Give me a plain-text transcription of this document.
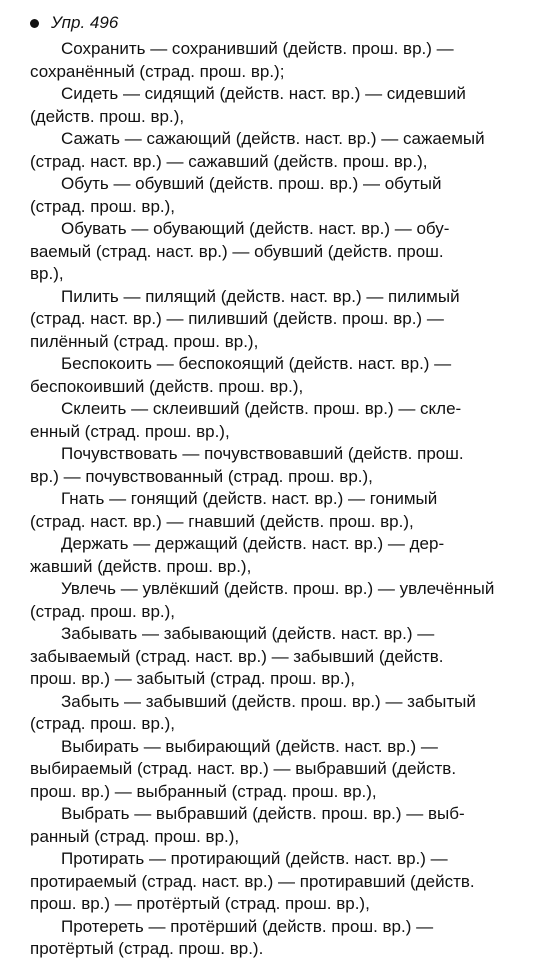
Упр. 496

Сохранить — сохранивший (действ. прош. вр.) —
сохранённый (страд. прош. вр.);

Сидеть — сидящий (действ. наст. вр.) — сидевший
(действ. прош. вр.),

Сажать — сажающий (действ. наст. вр.) — сажаемый
(страд. наст. вр.) — сажавший (действ. прош. вр.),

Обуть — обувший (действ. прош. вр.) — обутый
(страд. прош. вр.),

Обувать — обувающий (действ. наст. вр.) — обу-
ваемый (страд. наст. вр.) — обувший (действ. прош.
вр.),

Пилить — пилящий (действ. наст. вр.) — пилимый
(страд. наст. вр.) — пиливший (действ. прош. вр.) —
пилённый (страд. прош. вр.),

Беспокоить — беспокоящий (действ. наст. вр.) —
беспокоивший (действ. прош. вр.),

Склеить — склеивший (действ. прош. вр.) — скле-
енный (страд. прош. вр.),

Почувствовать — почувствовавший (действ. прош.
вр.) — почувствованный (страд. прош. вр.),

Гнать — гонящий (действ. наст. вр.) — гонимый
(страд. наст. вр.) — гнавший (действ. прош. вр.),

Держать — держащий (действ. наст. вр.) — дер-
жавший (действ. прош. вр.),

Увлечь — увлёкший (действ. прош. вр.) — увлечённый
(страд. прош. вр.),

Забывать — забывающий (действ. наст. вр.) —
забываемый (страд. наст. вр.) — забывший (действ.
прош. вр.) — забытый (страд. прош. вр.),

Забыть — забывший (действ. прош. вр.) — забытый
(страд. прош. вр.),

Выбирать — выбирающий (действ. наст. вр.) —
выбираемый (страд. наст. вр.) — выбравший (действ.
прош. вр.) — выбранный (страд. прош. вр.),

Выбрать — выбравший (действ. прош. вр.) — выб-
ранный (страд. прош. вр.),

Протирать — протирающий (действ. наст. вр.) —
протираемый (страд. наст. вр.) — протиравший (действ.
прош. вр.) — протёртый (страд. прош. вр.),

Протереть — протёрший (действ. прош. вр.) —
протёртый (страд. прош. вр.).
